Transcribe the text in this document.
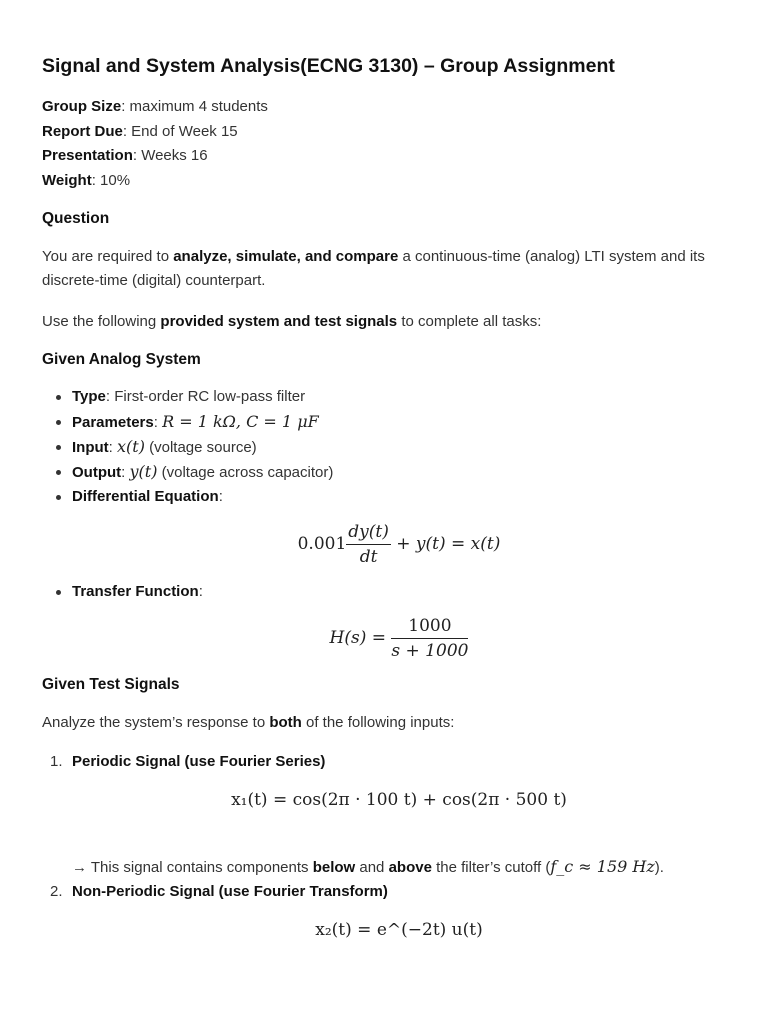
Signal and System Analysis(ECNG 3130) – Group Assignment

Group Size: maximum 4 students

Report Due: End of Week 15

Presentation: Weeks 16

Weight: 10%

Question

You are required to analyze, simulate, and compare a continuous-time (analog) LTI system and its discrete-time (digital) counterpart.

Use the following provided system and test signals to complete all tasks:

Given Analog System

Type: First-order RC low-pass filter

Parameters: R = 1 kΩ, C = 1 μF

Input: x(t) (voltage source)

Output: y(t) (voltage across capacitor)

Differential Equation:

$0.001 \frac{dy(t)}{dt} + y(t) = x(t)$

Transfer Function:

$H(s) = \frac{1000}{s + 1000}$
Given Test Signals

Analyze the system’s response to both of the following inputs:

1. Periodic Signal (use Fourier Series)

x₁(t) = cos(2π · 100 t) + cos(2π · 500 t)

→ This signal contains components below and above the filter’s cutoff (f_c ≈ 159 Hz).

2. Non-Periodic Signal (use Fourier Transform)

x₂(t) = e^(−2t) u(t)
